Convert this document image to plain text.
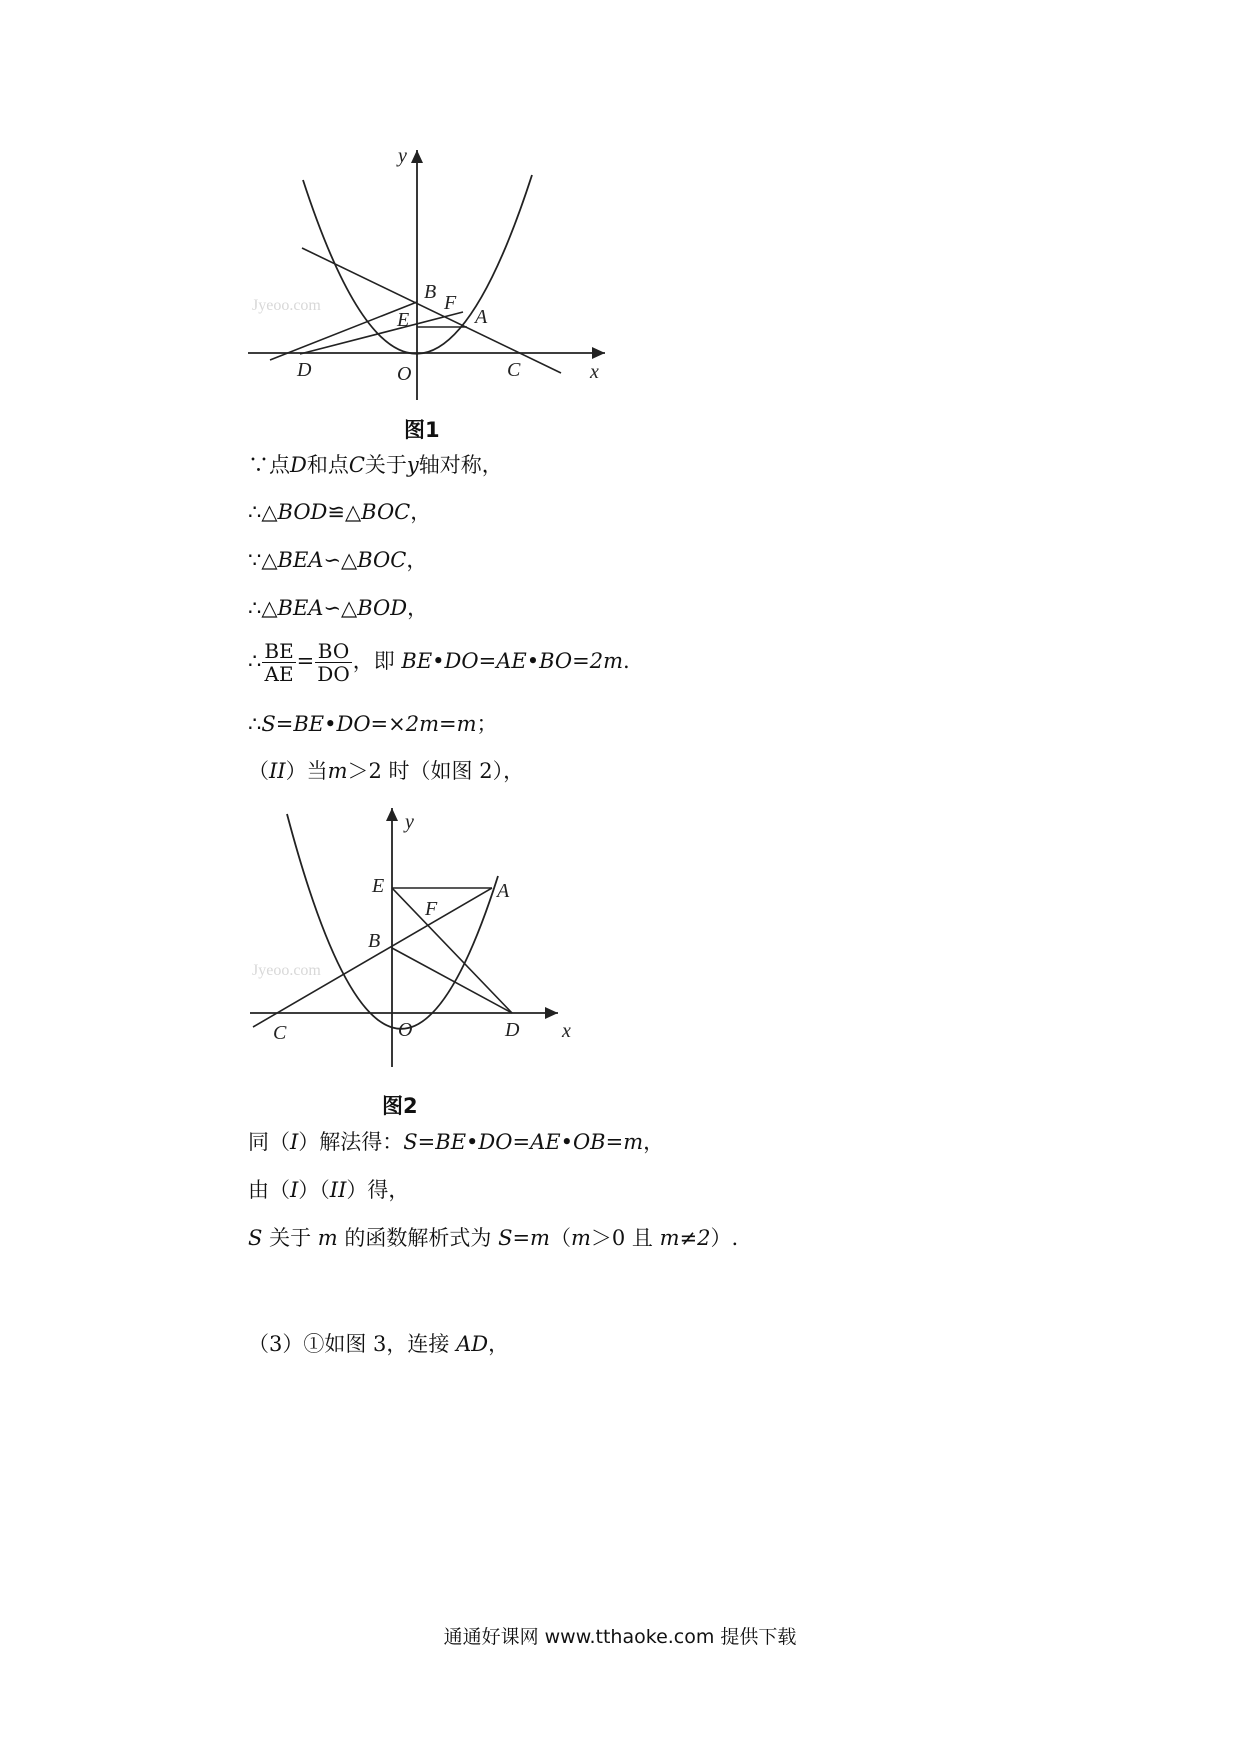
Jyeoo.com
y
x
B F
E	A
D	O	C
图1
∵点D和点C关于y轴对称，
∴△BOD≌△BOC，
∵△BEA∽△BOC，
∴△BEA∽△BOD，
∴ $\frac{BE}{AE} = \frac{BO}{DO}$ ，即 BE•DO=AE•BO=2m.
∴S=BE•DO=×2m=m；
（II）当m＞2 时（如图 2），
Jyeoo.com
y
x
E	A
F
B
C	O	D
图2
同（I）解法得：S=BE•DO=AE•OB=m，
由（I）（II）得，
S 关于 m 的函数解析式为 S=m（m＞0 且 m≠2）.
（3）①如图 3，连接 AD，
通通好课网 www.tthaoke.com 提供下载
